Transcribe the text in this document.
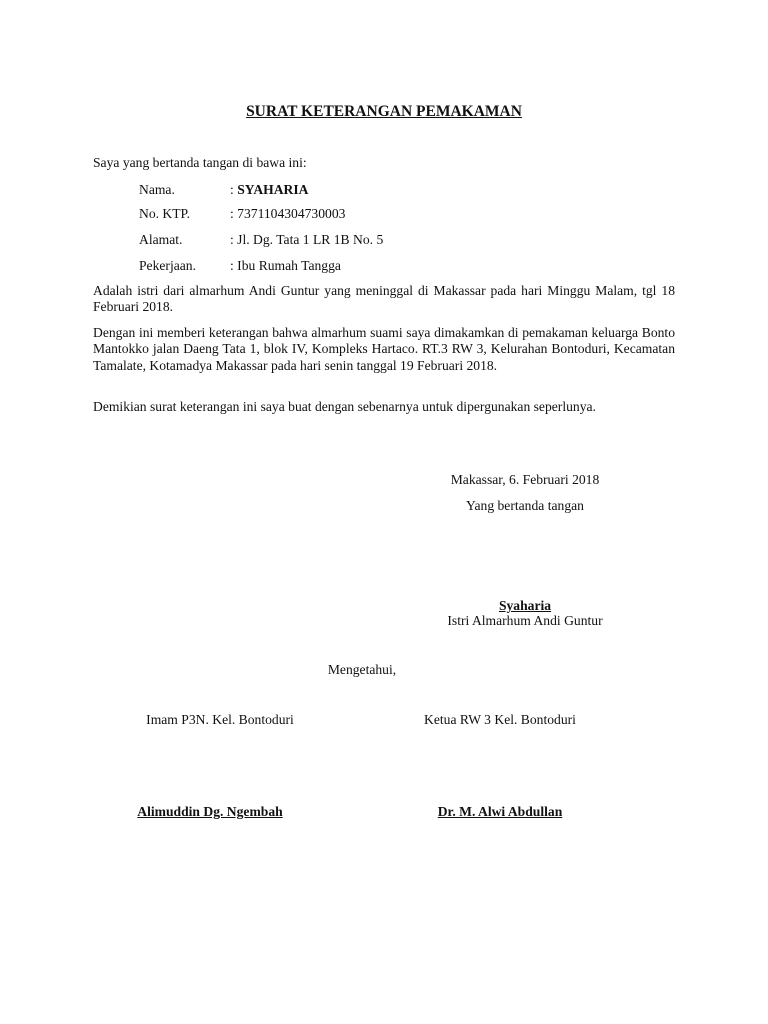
SURAT KETERANGAN PEMAKAMAN
Saya yang bertanda tangan di bawa ini:
Nama.	: SYAHARIA
No. KTP.	: 7371104304730003
Alamat.	: Jl. Dg. Tata 1 LR 1B No. 5
Pekerjaan.	: Ibu Rumah Tangga
Adalah istri dari almarhum Andi Guntur yang meninggal di Makassar pada hari Minggu Malam, tgl 18 Februari 2018.
Dengan ini memberi keterangan bahwa almarhum suami saya dimakamkan di pemakaman keluarga Bonto Mantokko jalan Daeng Tata 1, blok IV, Kompleks Hartaco. RT.3 RW 3, Kelurahan Bontoduri, Kecamatan Tamalate, Kotamadya Makassar pada hari senin tanggal 19 Februari 2018.
Demikian surat keterangan ini saya buat dengan sebenarnya untuk dipergunakan seperlunya.
Makassar, 6. Februari 2018
Yang bertanda tangan
Syaharia
Istri Almarhum Andi Guntur
Mengetahui,
Imam P3N. Kel. Bontoduri	Ketua RW 3 Kel. Bontoduri
Alimuddin Dg. Ngembah	Dr. M. Alwi Abdullan
